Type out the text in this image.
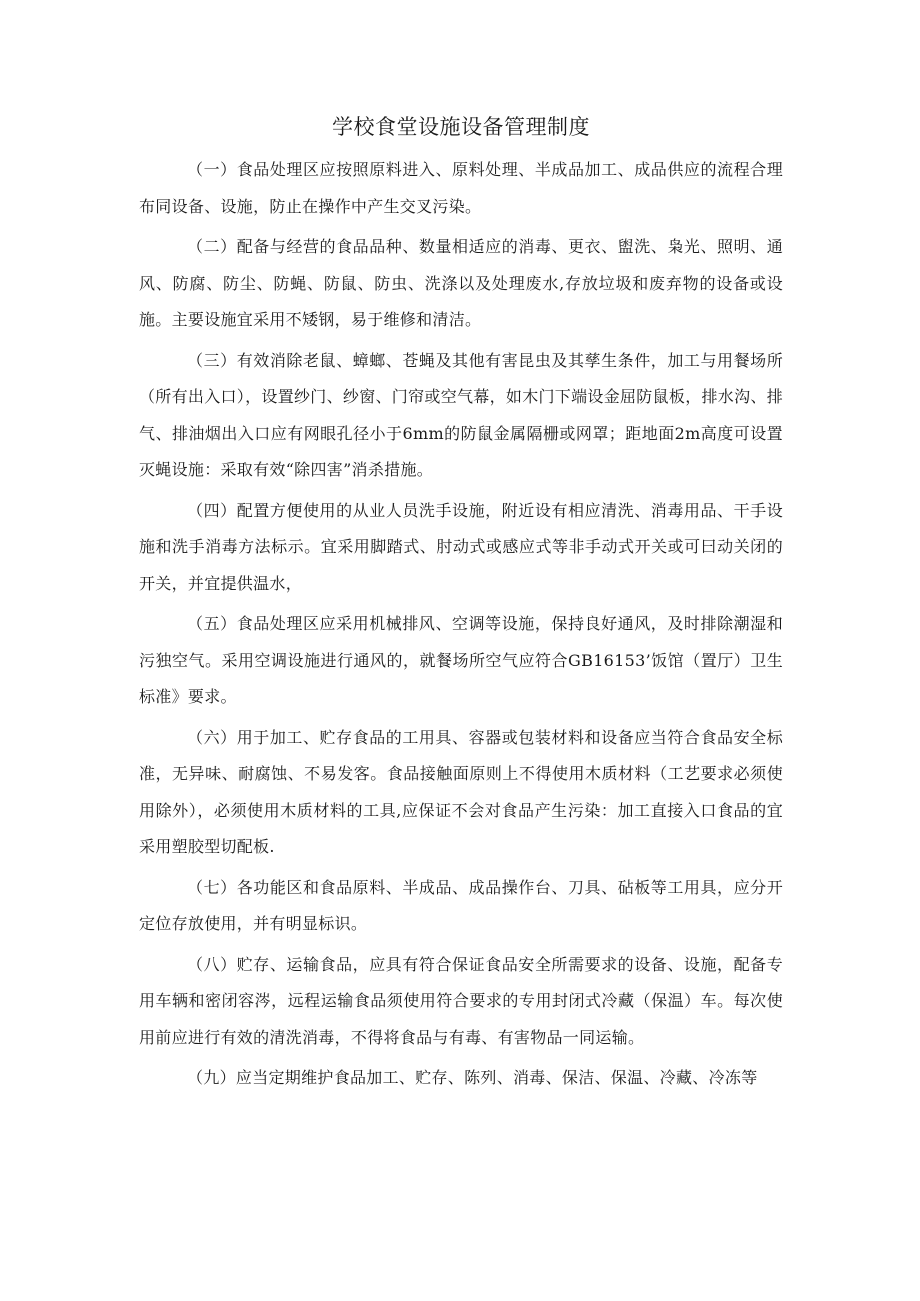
学校食堂设施设备管理制度

（一）食品处理区应按照原料进入、原料处理、半成品加工、成品供应的流程合理布同设备、设施，防止在操作中产生交叉污染。

（二）配备与经营的食品品种、数量相适应的消毒、更衣、盥洗、枭光、照明、通风、防腐、防尘、防蝇、防鼠、防虫、洗涤以及处理废水,存放垃圾和废弃物的设备或设施。主要设施宜采用不矮钢，易于维修和清洁。

（三）有效消除老鼠、蟑螂、苍蝇及其他有害昆虫及其孳生条件，加工与用餐场所（所有出入口），设置纱门、纱窗、门帘或空气幕，如木门下端设金屈防鼠板，排水沟、排气、排油烟出入口应有网眼孔径小于6mm的防鼠金属隔栅或网罩；距地面2m高度可设置灭蝇设施：采取有效“除四害”消杀措施。

（四）配置方便使用的从业人员洗手设施，附近设有相应清洗、消毒用品、干手设施和洗手消毒方法标示。宜采用脚踏式、肘动式或感应式等非手动式开关或可曰动关闭的开关，并宜提供温水，

（五）食品处理区应采用机械排风、空调等设施，保持良好通风，及时排除潮湿和污独空气。采用空调设施进行通风的，就餐场所空气应符合GB16153’饭馆（置厅）卫生标准》要求。

（六）用于加工、贮存食品的工用具、容器或包装材料和设备应当符合食品安全标准，无异味、耐腐蚀、不易发客。食品接触面原则上不得使用木质材料（工艺要求必须使用除外），必须使用木质材料的工具,应保证不会对食品产生污染：加工直接入口食品的宜采用塑胶型切配板.

（七）各功能区和食品原料、半成品、成品操作台、刀具、砧板等工用具，应分开定位存放使用，并有明显标识。

（八）贮存、运输食品，应具有符合保证食品安全所需要求的设备、设施，配备专用车辆和密闭容涔，远程运输食品须使用符合要求的专用封闭式冷藏（保温）车。每次使用前应进行有效的清洗消毒，不得将食品与有毒、有害物品一同运输。

（九）应当定期维护食品加工、贮存、陈列、消毒、保洁、保温、冷藏、冷冻等
